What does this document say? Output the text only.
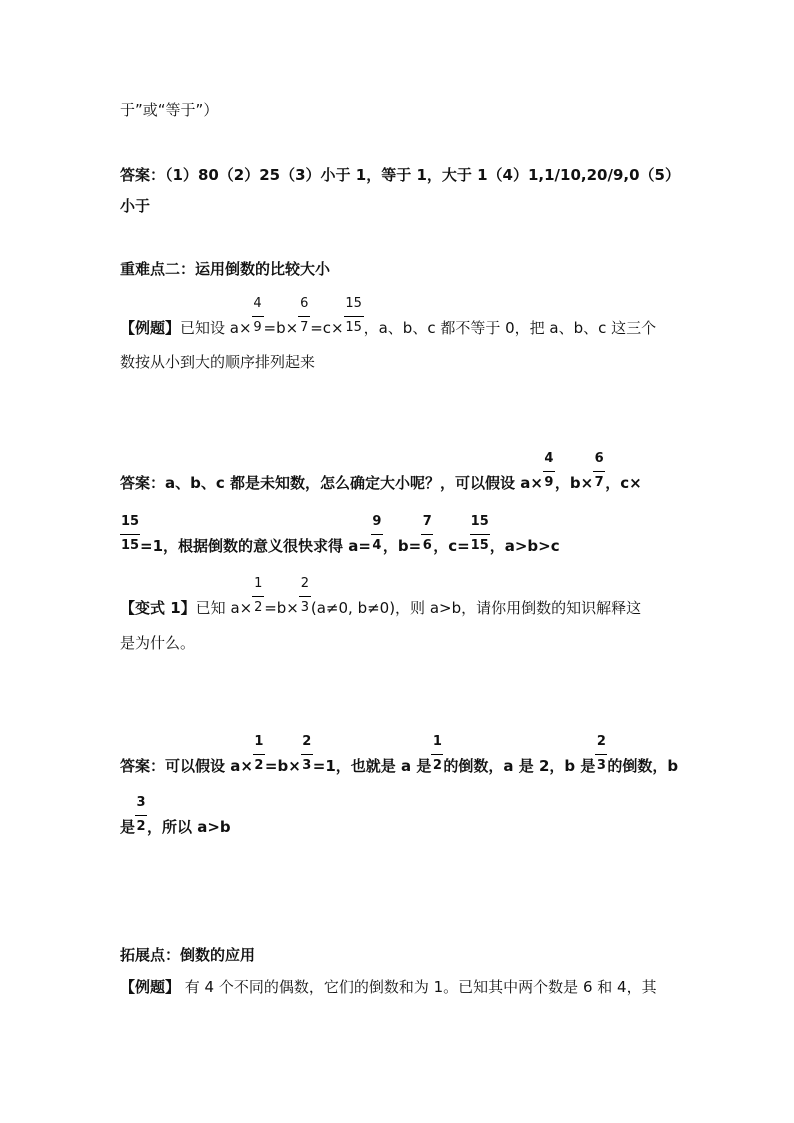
于”或“等于”）
答案：（1）80（2）25（3）小于 1，等于 1，大于 1（4）1,1/10,20/9,0（5）
小于
重难点二：运用倒数的比较大小
【例题】已知设 $a\times \frac{4}{9} =b\times \frac{6}{7} =c\times \frac{15}{15}$ ，a、b、c 都不等于 0，把 a、b、c 这三个
数按从小到大的顺序排列起来
答案：a、b、c 都是未知数，怎么确定大小呢？，可以假设 $a\times \frac{4}{9}$ ，$b\times \frac{6}{7}$ ，c×
$\frac{15}{15} =1$，根据倒数的意义很快求得 $a= \frac{9}{4}$ ，$b= \frac{7}{6}$ ，$c= \frac{15}{15}$ ，a>b>c
【变式 1】已知 $a\times \frac{1}{2} =b\times \frac{2}{3} (a\ne 0$, b≠0)，则 a>b，请你用倒数的知识解释这
是为什么。
答案：可以假设 $a\times \frac{1}{2} =b\times \frac{2}{3} =1$，也就是 a 是 $\frac{1}{2}$ 的倒数，a 是 2，b 是 $\frac{2}{3}$ 的倒数，b
是 $\frac{3}{2}$ ，所以 a>b
拓展点：倒数的应用
【例题】 有 4 个不同的偶数，它们的倒数和为 1。已知其中两个数是 6 和 4，其
